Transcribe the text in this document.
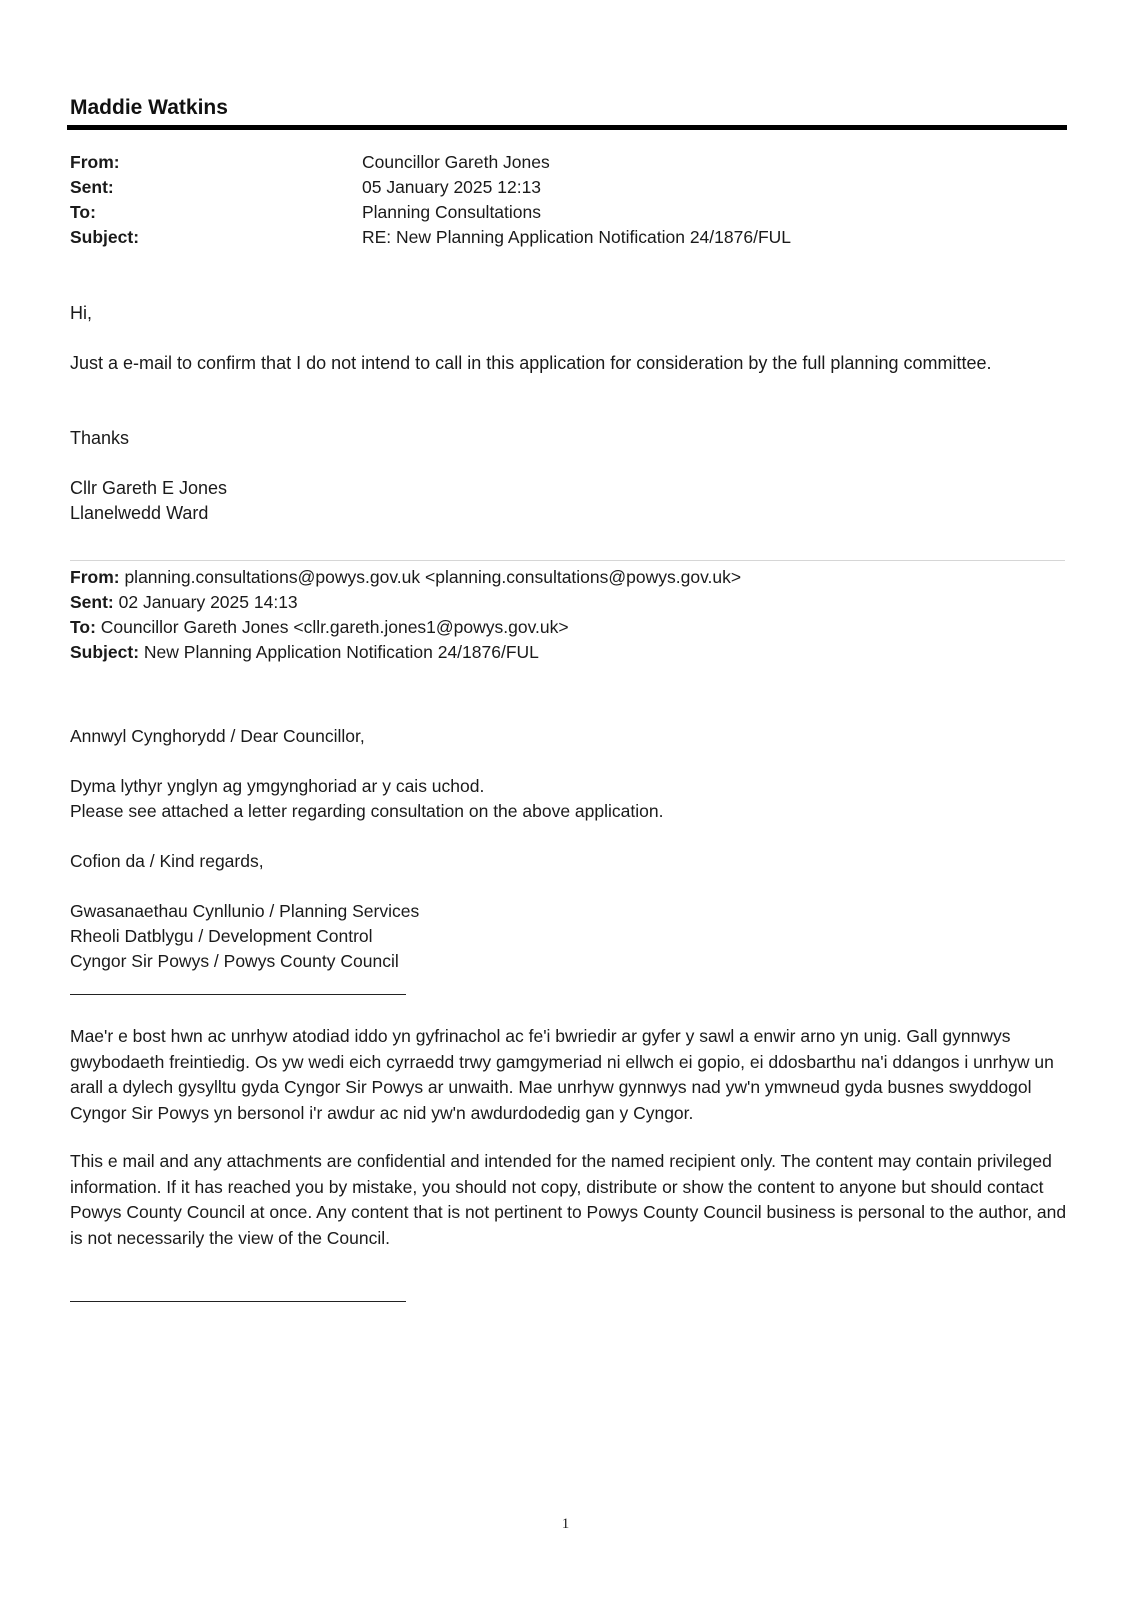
Maddie Watkins
From:	Councillor Gareth Jones
Sent:	05 January 2025 12:13
To:	Planning Consultations
Subject:	RE: New Planning Application Notification 24/1876/FUL
Hi,
Just a e-mail to confirm that I do not intend to call in this application for consideration by the full planning committee.
Thanks
Cllr Gareth E Jones
Llanelwedd Ward
From: planning.consultations@powys.gov.uk <planning.consultations@powys.gov.uk>
Sent: 02 January 2025 14:13
To: Councillor Gareth Jones <cllr.gareth.jones1@powys.gov.uk>
Subject: New Planning Application Notification 24/1876/FUL
Annwyl Cynghorydd / Dear Councillor,
Dyma lythyr ynglyn ag ymgynghoriad ar y cais uchod.
Please see attached a letter regarding consultation on the above application.
Cofion da / Kind regards,
Gwasanaethau Cynllunio / Planning Services
Rheoli Datblygu / Development Control
Cyngor Sir Powys / Powys County Council
Mae'r e bost hwn ac unrhyw atodiad iddo yn gyfrinachol ac fe'i bwriedir ar gyfer y sawl a enwir arno yn unig. Gall gynnwys gwybodaeth freintiedig. Os yw wedi eich cyrraedd trwy gamgymeriad ni ellwch ei gopio, ei ddosbarthu na'i ddangos i unrhyw un arall a dylech gysylltu gyda Cyngor Sir Powys ar unwaith. Mae unrhyw gynnwys nad yw'n ymwneud gyda busnes swyddogol Cyngor Sir Powys yn bersonol i'r awdur ac nid yw'n awdurdodedig gan y Cyngor.
This e mail and any attachments are confidential and intended for the named recipient only. The content may contain privileged information. If it has reached you by mistake, you should not copy, distribute or show the content to anyone but should contact Powys County Council at once. Any content that is not pertinent to Powys County Council business is personal to the author, and is not necessarily the view of the Council.
1
